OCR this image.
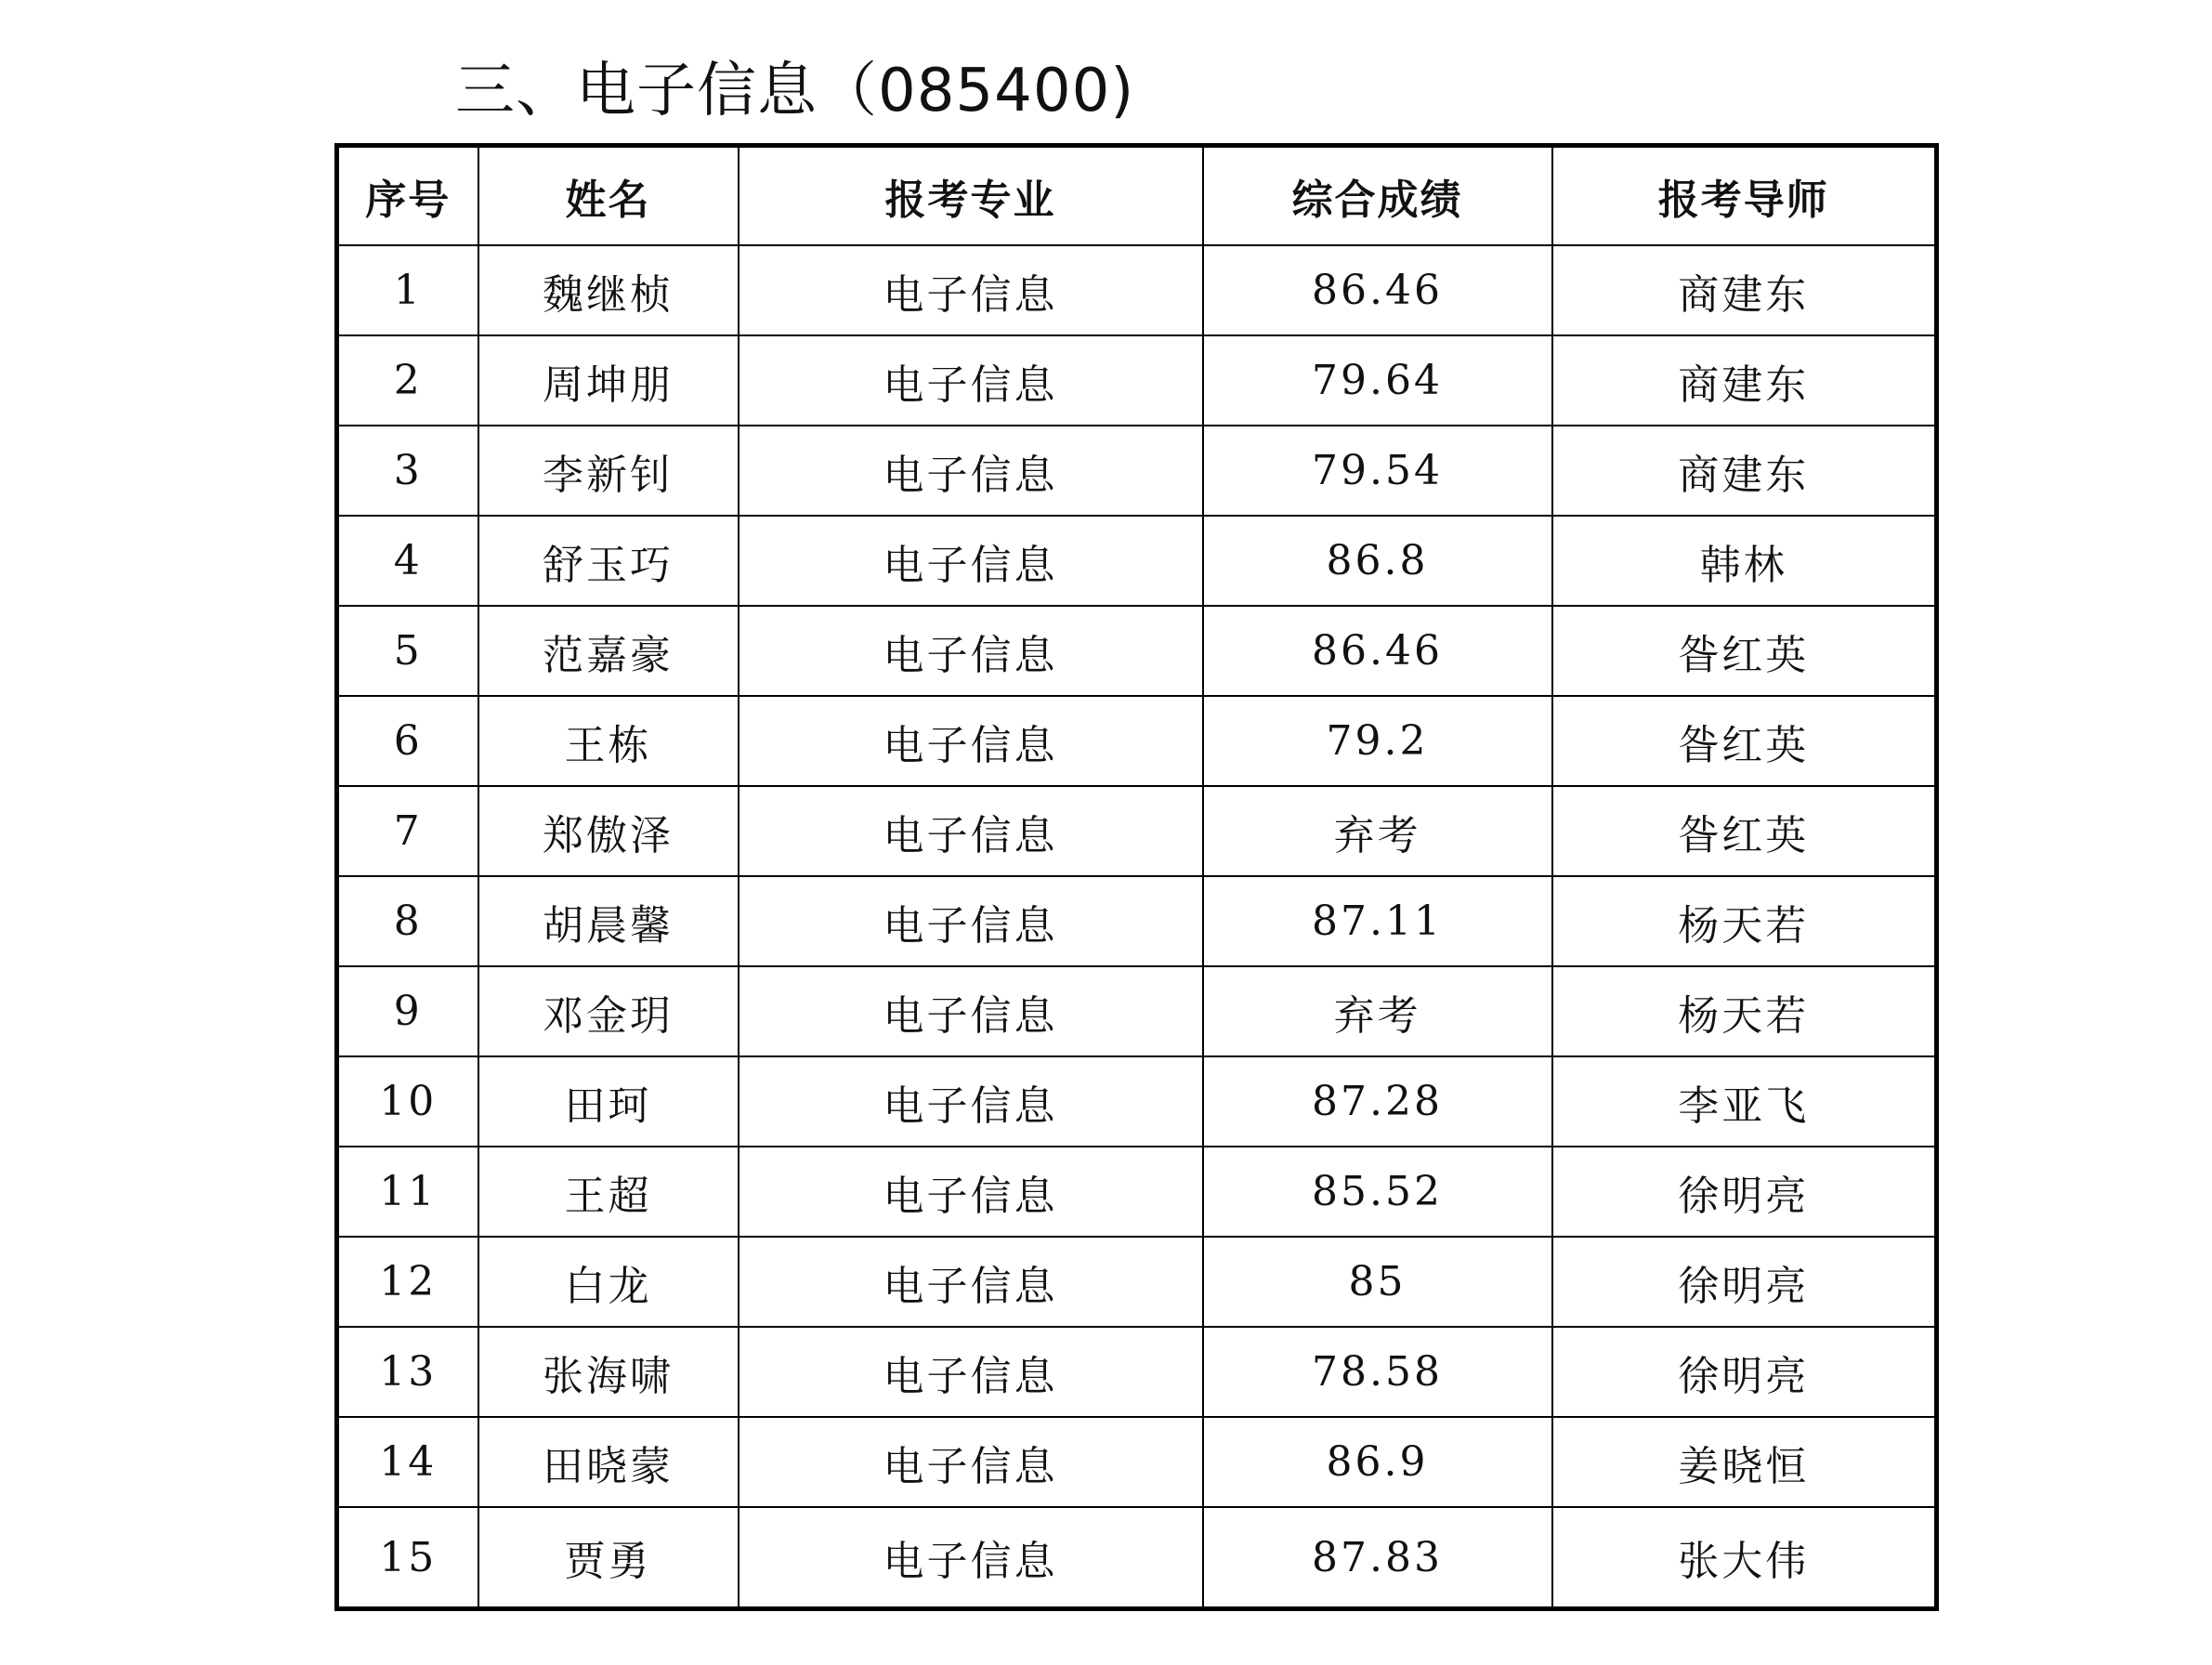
三、电子信息（085400)
序号	姓名	报考专业	综合成绩	报考导师
1	魏继桢	电子信息	86.46	商建东
2	周坤朋	电子信息	79.64	商建东
3	李新钊	电子信息	79.54	商建东
4	舒玉巧	电子信息	86.8	韩林
5	范嘉豪	电子信息	86.46	昝红英
6	王栋	电子信息	79.2	昝红英
7	郑傲泽	电子信息	弃考	昝红英
8	胡晨馨	电子信息	87.11	杨天若
9	邓金玥	电子信息	弃考	杨天若
10	田珂	电子信息	87.28	李亚飞
11	王超	电子信息	85.52	徐明亮
12	白龙	电子信息	85	徐明亮
13	张海啸	电子信息	78.58	徐明亮
14	田晓蒙	电子信息	86.9	姜晓恒
15	贾勇	电子信息	87.83	张大伟
